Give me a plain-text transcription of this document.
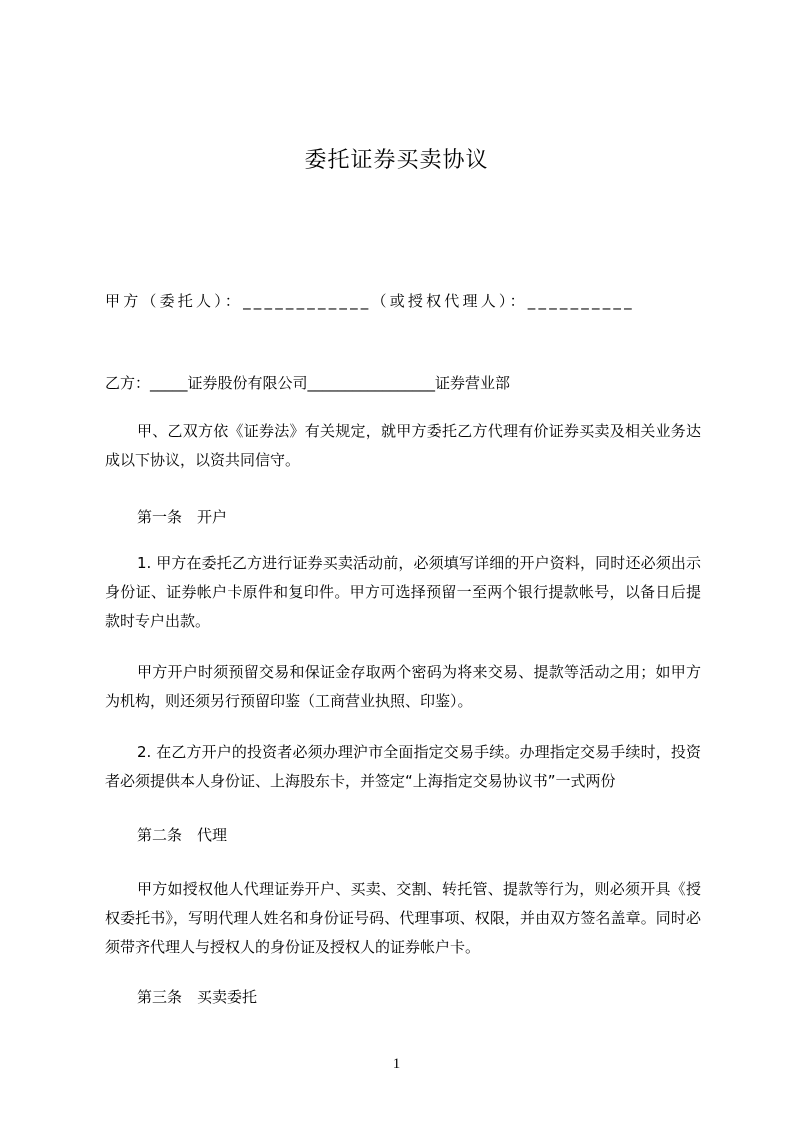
委托证券买卖协议
甲方（委托人）：____________（或授权代理人）：__________
乙方：_____证券股份有限公司_________________证券营业部
甲、乙双方依《证券法》有关规定，就甲方委托乙方代理有价证券买卖及相关业务达成以下协议，以资共同信守。
第一条　开户
1. 甲方在委托乙方进行证券买卖活动前，必须填写详细的开户资料，同时还必须出示身份证、证券帐户卡原件和复印件。甲方可选择预留一至两个银行提款帐号，以备日后提款时专户出款。
甲方开户时须预留交易和保证金存取两个密码为将来交易、提款等活动之用；如甲方为机构，则还须另行预留印鉴（工商营业执照、印鉴）。
2. 在乙方开户的投资者必须办理沪市全面指定交易手续。办理指定交易手续时，投资者必须提供本人身份证、上海股东卡，并签定“上海指定交易协议书”一式两份
第二条　代理
甲方如授权他人代理证券开户、买卖、交割、转托管、提款等行为，则必须开具《授权委托书》，写明代理人姓名和身份证号码、代理事项、权限，并由双方签名盖章。同时必须带齐代理人与授权人的身份证及授权人的证券帐户卡。
第三条　买卖委托
1
